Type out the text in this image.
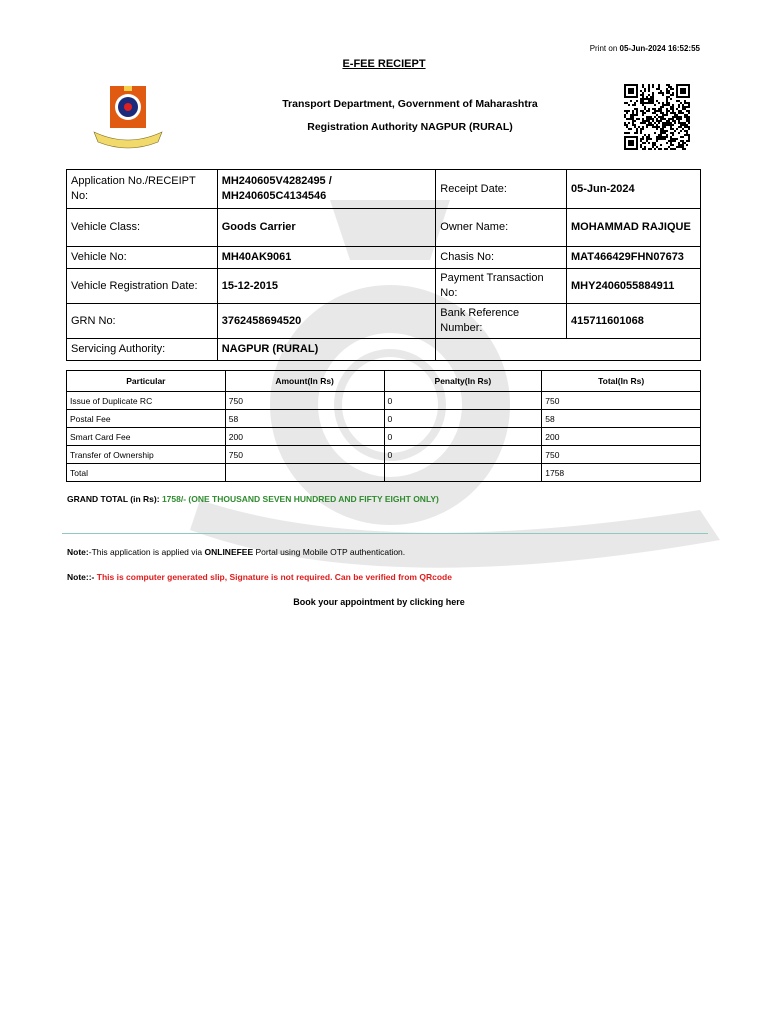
Print on 05-Jun-2024 16:52:55
E-FEE RECIEPT
Transport Department, Government of Maharashtra
Registration Authority NAGPUR (RURAL)
Application No./RECEIPT No:	MH240605V4282495 / MH240605C4134546	Receipt Date:	05-Jun-2024
Vehicle Class:	Goods Carrier	Owner Name:	MOHAMMAD RAJIQUE
Vehicle No:	MH40AK9061	Chasis No:	MAT466429FHN07673
Vehicle Registration Date:	15-12-2015	Payment Transaction No:	MHY2406055884911
GRN No:	3762458694520	Bank Reference Number:	415711601068
Servicing Authority:	NAGPUR (RURAL)		
Particular	Amount(In Rs)	Penalty(In Rs)	Total(In Rs)
Issue of Duplicate RC	750	0	750
Postal Fee	58	0	58
Smart Card Fee	200	0	200
Transfer of Ownership	750	0	750
Total			1758
GRAND TOTAL (in Rs): 1758/- (ONE THOUSAND SEVEN HUNDRED AND FIFTY EIGHT ONLY)
Note:-This application is applied via ONLINEFEE Portal using Mobile OTP authentication.
Note::- This is computer generated slip, Signature is not required. Can be verified from QRcode
Book your appointment by clicking here
